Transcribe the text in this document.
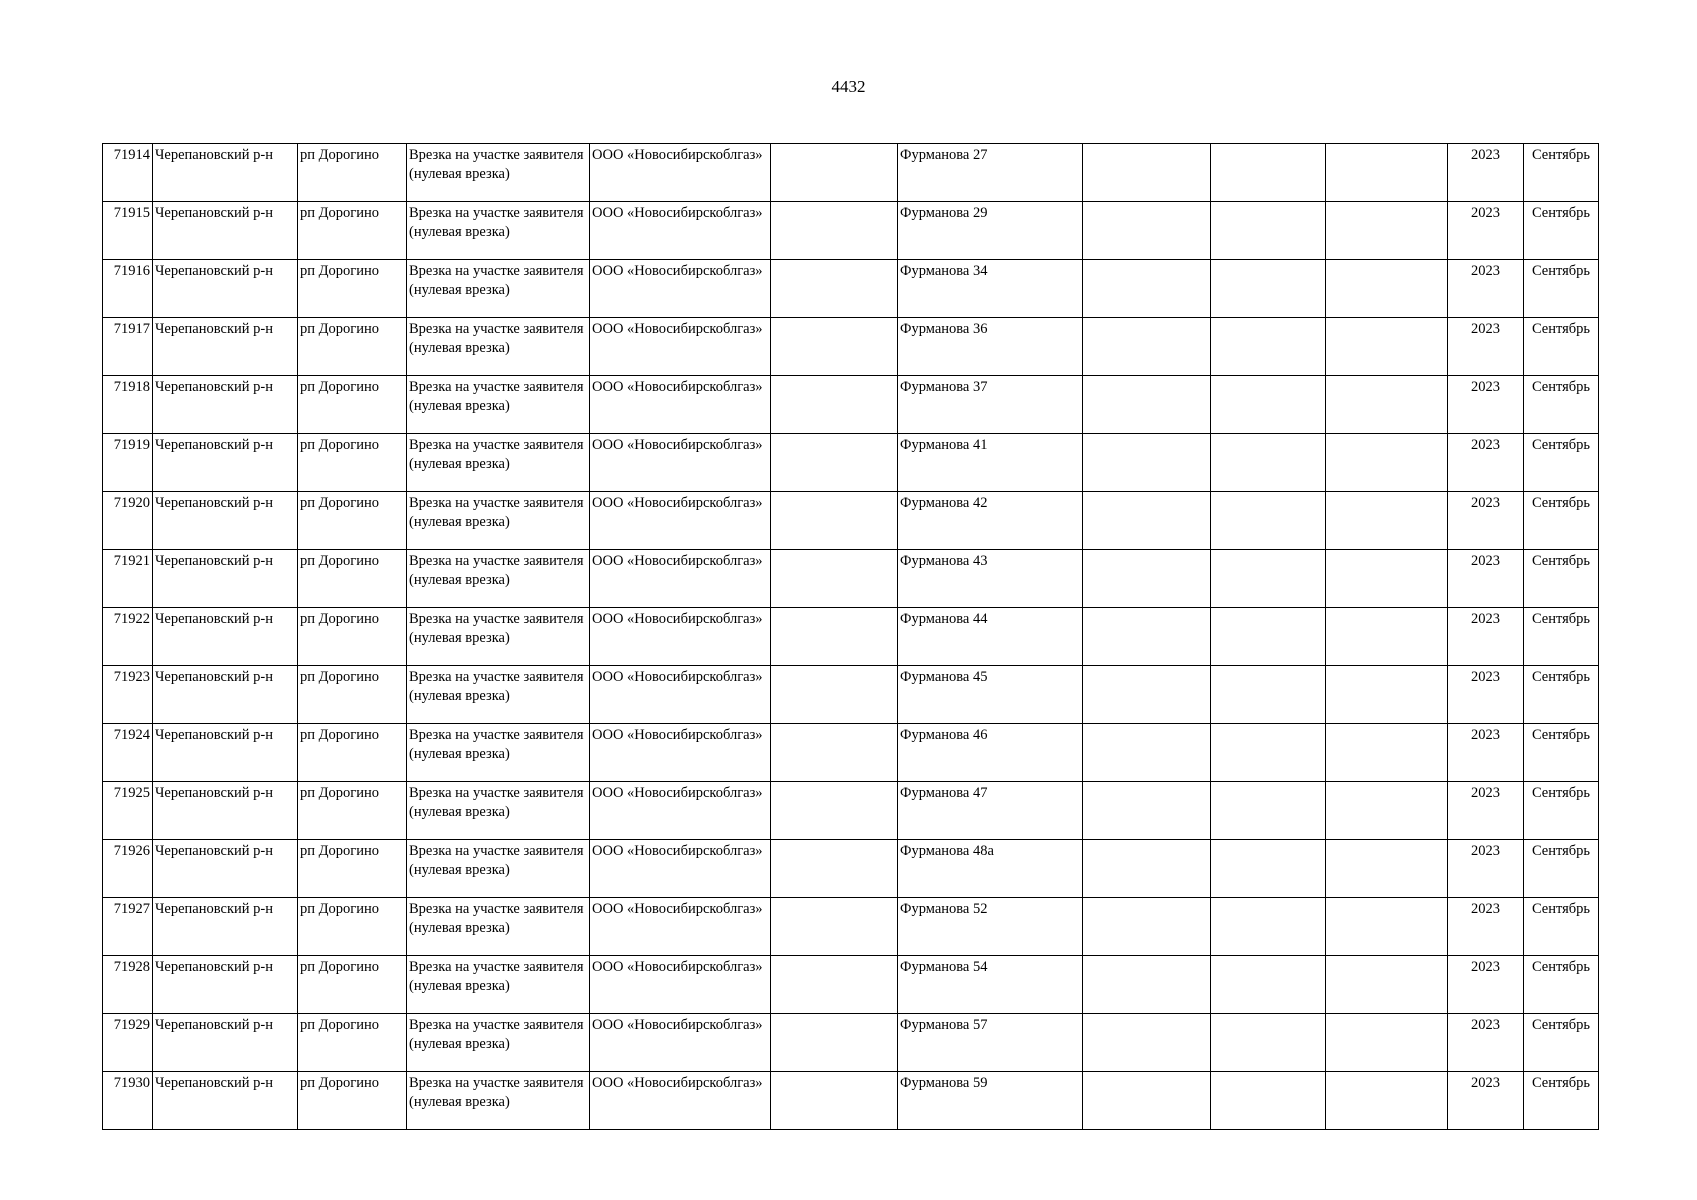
4432
71914	Черепановский р-н	рп Дорогино	Врезка на участке заявителя (нулевая врезка)	ООО «Новосибирскоблгаз»		Фурманова 27				2023	Сентябрь
71915	Черепановский р-н	рп Дорогино	Врезка на участке заявителя (нулевая врезка)	ООО «Новосибирскоблгаз»		Фурманова 29				2023	Сентябрь
71916	Черепановский р-н	рп Дорогино	Врезка на участке заявителя (нулевая врезка)	ООО «Новосибирскоблгаз»		Фурманова 34				2023	Сентябрь
71917	Черепановский р-н	рп Дорогино	Врезка на участке заявителя (нулевая врезка)	ООО «Новосибирскоблгаз»		Фурманова 36				2023	Сентябрь
71918	Черепановский р-н	рп Дорогино	Врезка на участке заявителя (нулевая врезка)	ООО «Новосибирскоблгаз»		Фурманова 37				2023	Сентябрь
71919	Черепановский р-н	рп Дорогино	Врезка на участке заявителя (нулевая врезка)	ООО «Новосибирскоблгаз»		Фурманова 41				2023	Сентябрь
71920	Черепановский р-н	рп Дорогино	Врезка на участке заявителя (нулевая врезка)	ООО «Новосибирскоблгаз»		Фурманова 42				2023	Сентябрь
71921	Черепановский р-н	рп Дорогино	Врезка на участке заявителя (нулевая врезка)	ООО «Новосибирскоблгаз»		Фурманова 43				2023	Сентябрь
71922	Черепановский р-н	рп Дорогино	Врезка на участке заявителя (нулевая врезка)	ООО «Новосибирскоблгаз»		Фурманова 44				2023	Сентябрь
71923	Черепановский р-н	рп Дорогино	Врезка на участке заявителя (нулевая врезка)	ООО «Новосибирскоблгаз»		Фурманова 45				2023	Сентябрь
71924	Черепановский р-н	рп Дорогино	Врезка на участке заявителя (нулевая врезка)	ООО «Новосибирскоблгаз»		Фурманова 46				2023	Сентябрь
71925	Черепановский р-н	рп Дорогино	Врезка на участке заявителя (нулевая врезка)	ООО «Новосибирскоблгаз»		Фурманова 47				2023	Сентябрь
71926	Черепановский р-н	рп Дорогино	Врезка на участке заявителя (нулевая врезка)	ООО «Новосибирскоблгаз»		Фурманова 48а				2023	Сентябрь
71927	Черепановский р-н	рп Дорогино	Врезка на участке заявителя (нулевая врезка)	ООО «Новосибирскоблгаз»		Фурманова 52				2023	Сентябрь
71928	Черепановский р-н	рп Дорогино	Врезка на участке заявителя (нулевая врезка)	ООО «Новосибирскоблгаз»		Фурманова 54				2023	Сентябрь
71929	Черепановский р-н	рп Дорогино	Врезка на участке заявителя (нулевая врезка)	ООО «Новосибирскоблгаз»		Фурманова 57				2023	Сентябрь
71930	Черепановский р-н	рп Дорогино	Врезка на участке заявителя (нулевая врезка)	ООО «Новосибирскоблгаз»		Фурманова 59				2023	Сентябрь
